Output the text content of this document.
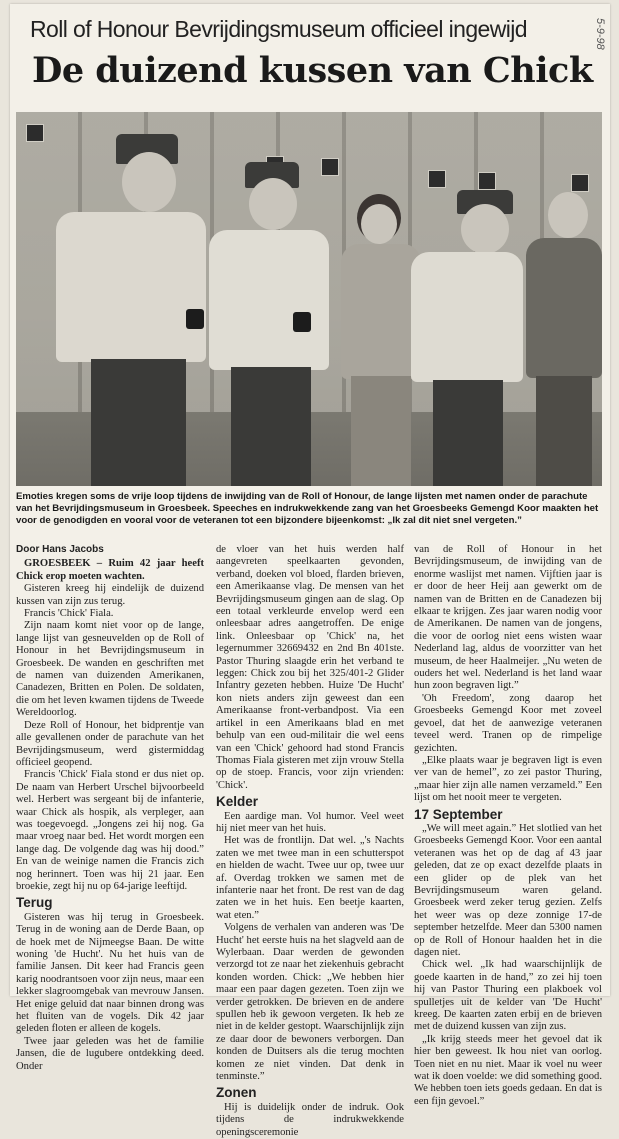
Roll of Honour Bevrijdingsmuseum officieel ingewijd
De duizend kussen van Chick
5-9-98
Emoties kregen soms de vrije loop tijdens de inwijding van de Roll of Honour, de lange lijsten met namen onder de parachute van het Bevrijdingsmuseum in Groesbeek. Speeches en indrukwekkende zang van het Groesbeeks Gemengd Koor maakten het voor de genodigden en vooral voor de veteranen tot een bijzondere bijeenkomst: „Ik zal dit niet snel vergeten.”
Door Hans Jacobs

GROESBEEK – Ruim 42 jaar heeft Chick erop moeten wachten.

Gisteren kreeg hij eindelijk de duizend kussen van zijn zus terug.

Francis 'Chick' Fiala.

Zijn naam komt niet voor op de lange, lange lijst van gesneuvelden op de Roll of Honour in het Bevrijdingsmuseum in Groesbeek. De wanden en geschriften met de namen van duizenden Amerikanen, Canadezen, Britten en Polen. De soldaten, die om het leven kwamen tijdens de Tweede Wereldoorlog.

Deze Roll of Honour, het bidprentje van alle gevallenen onder de parachute van het Bevrijdingsmuseum, werd gistermiddag officieel geopend.

Francis 'Chick' Fiala stond er dus niet op. De naam van Herbert Urschel bijvoorbeeld wel. Herbert was sergeant bij de infanterie, waar Chick als hospik, als verpleger, aan was toegevoegd. „Jongens zei hij nog. Ga maar vroeg naar bed. Het wordt morgen een lange dag. De volgende dag was hij dood.” En van de weinige namen die Francis zich nog herinnert. Toen was hij 21 jaar. Een broekie, zegt hij nu op 64-jarige leeftijd.

Terug

Gisteren was hij terug in Groesbeek. Terug in de woning aan de Derde Baan, op de hoek met de Nijmeegse Baan. De witte woning 'de Hucht'. Nu het huis van de familie Jansen. Dit keer had Francis geen karig noodrantsoen voor zijn neus, maar een lekker slagroomgebak van mevrouw Jansen. Het enige geluid dat naar binnen drong was het fluiten van de vogels. Dik 42 jaar geleden floten er alleen de kogels.

Twee jaar geleden was het de familie Jansen, die de lugubere ontdekking deed. Onder

de vloer van het huis werden half aangevreten speelkaarten gevonden, verband, doeken vol bloed, flarden brieven, een Amerikaanse vlag. De mensen van het Bevrijdingsmuseum gingen aan de slag. Op een totaal verkleurde envelop werd een onleesbaar adres aangetroffen. De enige link. Onleesbaar op 'Chick' na, het legernummer 32669432 en 2nd Bn 401ste. Pastor Thuring slaagde erin het verband te leggen: Chick zou bij het 325/401-2 Glider Infantry gezeten hebben. Huize 'De Hucht' kon niets anders zijn geweest dan een Amerikaanse front-verbandpost. Via een artikel in een Amerikaans blad en met behulp van een oud-militair die wel eens van een 'Chick' gehoord had stond Francis Thomas Fiala gisteren met zijn vrouw Stella op de stoep. Francis, voor zijn vrienden: 'Chick'.

Kelder

Een aardige man. Vol humor. Veel weet hij niet meer van het huis.

Het was de frontlijn. Dat wel. „'s Nachts zaten we met twee man in een schutterspot en hielden de wacht. Twee uur op, twee uur af. Overdag trokken we samen met de infanterie naar het front. De rest van de dag zaten we in het huis. Een beetje kaarten, wat eten.”

Volgens de verhalen van anderen was 'De Hucht' het eerste huis na het slagveld aan de Wylerbaan. Daar werden de gewonden verzorgd tot ze naar het ziekenhuis gebracht konden worden. Chick: „We hebben hier maar een paar dagen gezeten. Toen zijn we verder getrokken. De brieven en de andere spullen heb ik gewoon vergeten. Ik heb ze niet in de kelder gestopt. Waarschijnlijk zijn ze daar door de bewoners verborgen. Dan konden de Duitsers als die terug mochten komen ze niet vinden. Dat denk in tenminste.”

Zonen

Hij is duidelijk onder de indruk. Ook tijdens de indrukwekkende openingsceremonie

van de Roll of Honour in het Bevrijdingsmuseum, de inwijding van de enorme waslijst met namen. Vijftien jaar is er door de heer Heij aan gewerkt om de namen van de Britten en de Canadezen bij elkaar te krijgen. Zes jaar waren nodig voor de Amerikanen. De namen van de jongens, die voor de oorlog niet eens wisten waar Nederland lag, aldus de voorzitter van het museum, de heer Haalmeijer. „Nu weten de ouders het wel. Nederland is het land waar hun zoon begraven ligt.”

'Oh Freedom', zong daarop het Groesbeeks Gemengd Koor met zoveel gevoel, dat het de aanwezige veteranen teveel werd. Tranen op de rimpelige gezichten.

„Elke plaats waar je begraven ligt is even ver van de hemel”, zo zei pastor Thuring, „maar hier zijn alle namen verzameld.” Een lijst om het nooit meer te vergeten.

17 September

„We will meet again.” Het slotlied van het Groesbeeks Gemengd Koor. Voor een aantal veteranen was het op de dag af 43 jaar geleden, dat ze op exact dezelfde plaats in een glider op de plek van het Bevrijdingsmuseum waren geland. Groesbeek werd zeker terug gezien. Zelfs het weer was op deze zonnige 17-de september hetzelfde. Meer dan 5300 namen op de Roll of Honour haalden het in die dagen niet.

Chick wel. „Ik had waarschijnlijk de goede kaarten in de hand,” zo zei hij toen hij van Pastor Thuring een plakboek vol spulletjes uit de kelder van 'De Hucht' kreeg. De kaarten zaten erbij en de brieven met de duizend kussen van zijn zus.

„Ik krijg steeds meer het gevoel dat ik hier ben geweest. Ik hou niet van oorlog. Toen niet en nu niet. Maar ik voel nu weer wat ik doen voelde: we did something good. We hebben toen iets goeds gedaan. En dat is een fijn gevoel.”
